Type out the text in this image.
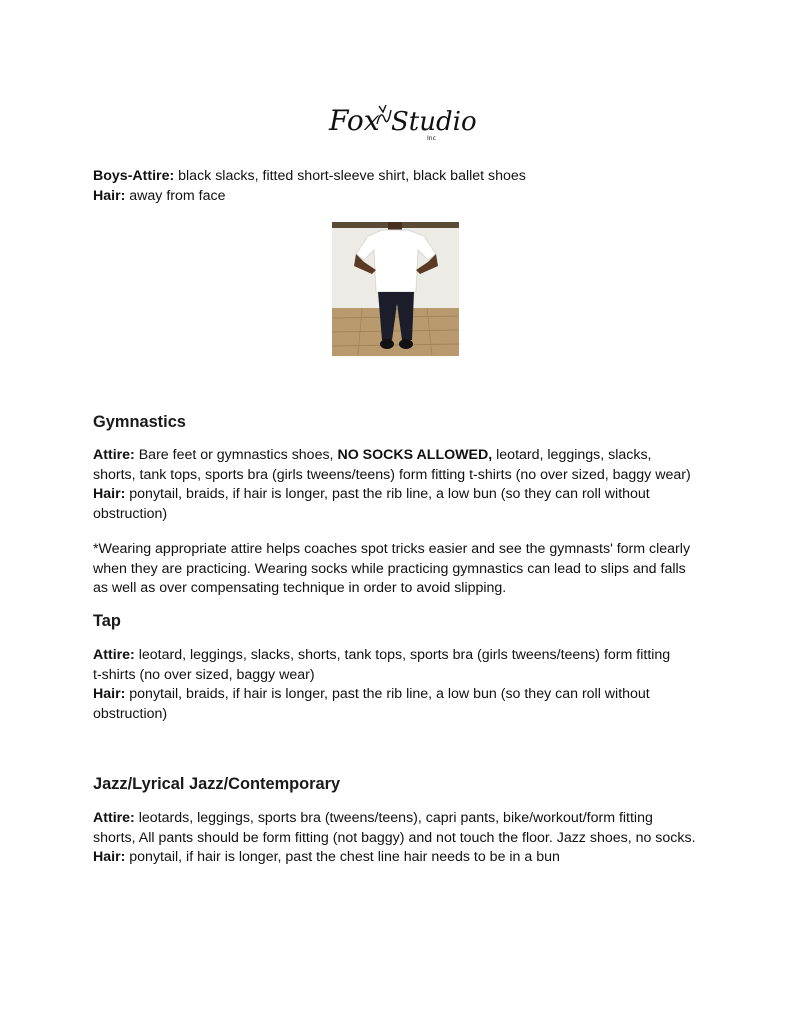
Fox Studio
Inc
Boys-Attire: black slacks, fitted short-sleeve shirt, black ballet shoes
Hair: away from face
Gymnastics
Attire: Bare feet or gymnastics shoes, NO SOCKS ALLOWED, leotard, leggings, slacks,
shorts, tank tops, sports bra (girls tweens/teens) form fitting t-shirts (no over sized, baggy wear)
Hair: ponytail, braids, if hair is longer, past the rib line, a low bun (so they can roll without
obstruction)
*Wearing appropriate attire helps coaches spot tricks easier and see the gymnasts' form clearly
when they are practicing. Wearing socks while practicing gymnastics can lead to slips and falls
as well as over compensating technique in order to avoid slipping.
Tap
Attire: leotard, leggings, slacks, shorts, tank tops, sports bra (girls tweens/teens) form fitting
t-shirts (no over sized, baggy wear)
Hair: ponytail, braids, if hair is longer, past the rib line, a low bun (so they can roll without
obstruction)
Jazz/Lyrical Jazz/Contemporary
Attire: leotards, leggings, sports bra (tweens/teens), capri pants, bike/workout/form fitting
shorts, All pants should be form fitting (not baggy) and not touch the floor. Jazz shoes, no socks.
Hair: ponytail, if hair is longer, past the chest line hair needs to be in a bun
